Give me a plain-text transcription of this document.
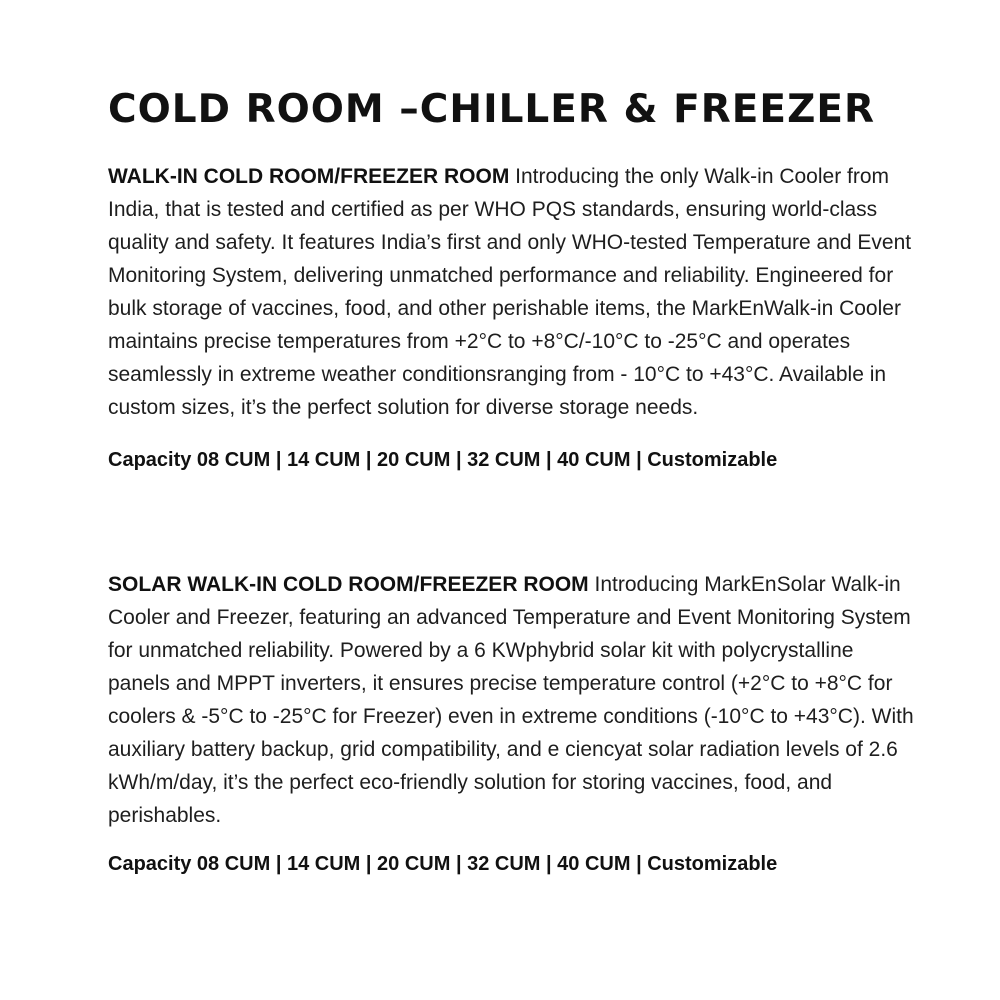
COLD ROOM –CHILLER & FREEZER

WALK-IN COLD ROOM/FREEZER ROOM Introducing the only Walk-in Cooler from India, that is tested and certified as per WHO PQS standards, ensuring world-class quality and safety. It features India’s first and only WHO-tested Temperature and Event Monitoring System, delivering unmatched performance and reliability. Engineered for bulk storage of vaccines, food, and other perishable items, the MarkEnWalk-in Cooler maintains precise temperatures from +2°C to +8°C/-10°C to -25°C and operates seamlessly in extreme weather conditionsranging from - 10°C to +43°C. Available in custom sizes, it’s the perfect solution for diverse storage needs.

Capacity 08 CUM | 14 CUM | 20 CUM | 32 CUM | 40 CUM | Customizable

SOLAR WALK-IN COLD ROOM/FREEZER ROOM Introducing MarkEnSolar Walk-in Cooler and Freezer, featuring an advanced Temperature and Event Monitoring System for unmatched reliability. Powered by a 6 KWphybrid solar kit with polycrystalline panels and MPPT inverters, it ensures precise temperature control (+2°C to +8°C for coolers & -5°C to -25°C for Freezer) even in extreme conditions (-10°C to +43°C). With auxiliary battery backup, grid compatibility, and e ciencyat solar radiation levels of 2.6 kWh/m/day, it’s the perfect eco-friendly solution for storing vaccines, food, and perishables.

Capacity 08 CUM | 14 CUM | 20 CUM | 32 CUM | 40 CUM | Customizable
